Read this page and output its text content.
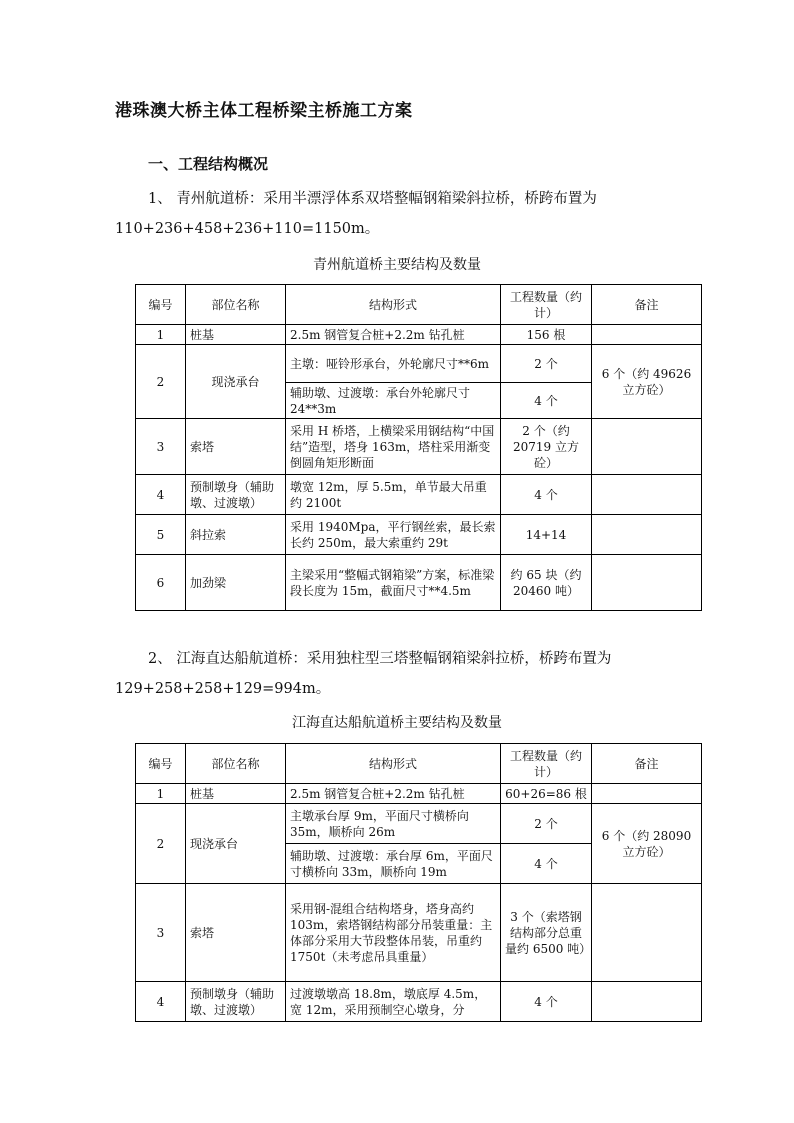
港珠澳大桥主体工程桥梁主桥施工方案
一、工程结构概况
1、 青州航道桥：采用半漂浮体系双塔整幅钢箱梁斜拉桥，桥跨布置为
110+236+458+236+110=1150m。
青州航道桥主要结构及数量
编号	部位名称	结构形式	工程数量（约计）	备注
1	桩基	2.5m 钢管复合桩+2.2m 钻孔桩	156 根	
2	现浇承台	主墩：哑铃形承台，外轮廓尺寸**6m	2 个	6 个（约 49626 立方砼）
		辅助墩、过渡墩：承台外轮廓尺寸 24**3m	4 个	
3	索塔	采用 H 桥塔，上横梁采用钢结构“中国结”造型，塔身 163m，塔柱采用渐变倒圆角矩形断面	2 个（约 20719 立方砼）	
4	预制墩身（辅助墩、过渡墩）	墩宽 12m，厚 5.5m，单节最大吊重约 2100t	4 个	
5	斜拉索	采用 1940Mpa，平行钢丝索，最长索长约 250m，最大索重约 29t	14+14	
6	加劲梁	主梁采用“整幅式钢箱梁”方案，标准梁段长度为 15m，截面尺寸**4.5m	约 65 块（约 20460 吨）	
2、 江海直达船航道桥：采用独柱型三塔整幅钢箱梁斜拉桥，桥跨布置为
129+258+258+129=994m。
江海直达船航道桥主要结构及数量
编号	部位名称	结构形式	工程数量（约计）	备注
1	桩基	2.5m 钢管复合桩+2.2m 钻孔桩	60+26=86 根	
2	现浇承台	主墩承台厚 9m，平面尺寸横桥向 35m，顺桥向 26m	2 个	6 个（约 28090 立方砼）
		辅助墩、过渡墩：承台厚 6m，平面尺寸横桥向 33m，顺桥向 19m	4 个	
3	索塔	采用钢-混组合结构塔身，塔身高约 103m，索塔钢结构部分吊装重量：主体部分采用大节段整体吊装，吊重约 1750t（未考虑吊具重量）	3 个（索塔钢结构部分总重量约 6500 吨）	
4	预制墩身（辅助墩、过渡墩）	过渡墩墩高 18.8m，墩底厚 4.5m，宽 12m，采用预制空心墩身，分	4 个	
